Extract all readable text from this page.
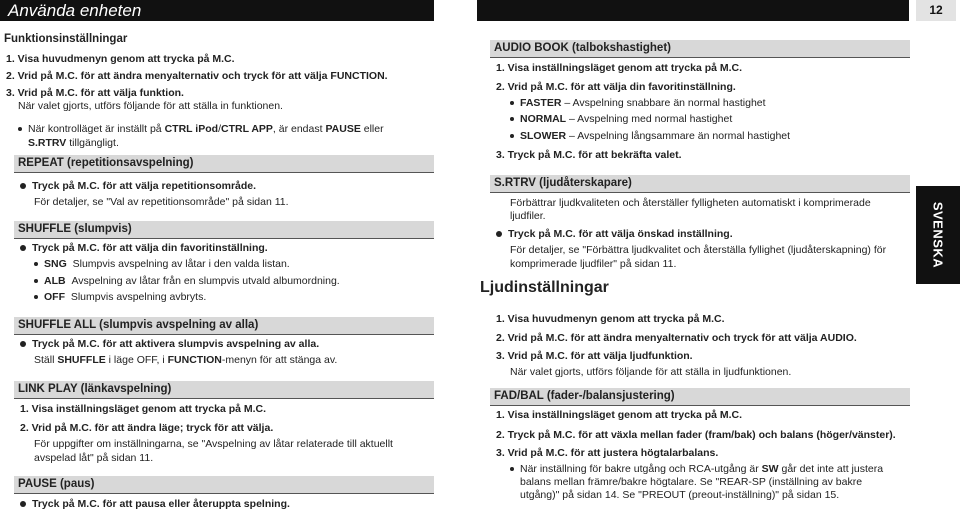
Använda enheten	12
SVENSKA
Funktionsinställningar
1. Visa huvudmenyn genom att trycka på M.C.
2. Vrid på M.C. för att ändra menyalternativ och tryck för att välja FUNCTION.
3. Vrid på M.C. för att välja funktion.
När valet gjorts, utförs följande för att ställa in funktionen.
När kontrolläget är inställt på CTRL iPod/CTRL APP, är endast PAUSE eller
S.RTRV tillgängligt.
REPEAT (repetitionsavspelning)
Tryck på M.C. för att välja repetitionsområde.
För detaljer, se "Val av repetitionsområde" på sidan 11.
SHUFFLE (slumpvis)
Tryck på M.C. för att välja din favoritinställning.
SNG Slumpvis avspelning av låtar i den valda listan.
ALB Avspelning av låtar från en slumpvis utvald albumordning.
OFF Slumpvis avspelning avbryts.
SHUFFLE ALL (slumpvis avspelning av alla)
Tryck på M.C. för att aktivera slumpvis avspelning av alla.
Ställ SHUFFLE i läge OFF, i FUNCTION-menyn för att stänga av.
LINK PLAY (länkavspelning)
1. Visa inställningsläget genom att trycka på M.C.
2. Vrid på M.C. för att ändra läge; tryck för att välja.
För uppgifter om inställningarna, se "Avspelning av låtar relaterade till aktuellt
avspelad låt" på sidan 11.
PAUSE (paus)
Tryck på M.C. för att pausa eller återuppta spelning.
AUDIO BOOK (talbokshastighet)
1. Visa inställningsläget genom att trycka på M.C.
2. Vrid på M.C. för att välja din favoritinställning.
FASTER – Avspelning snabbare än normal hastighet
NORMAL – Avspelning med normal hastighet
SLOWER – Avspelning långsammare än normal hastighet
3. Tryck på M.C. för att bekräfta valet.
S.RTRV (ljudåterskapare)
Förbättrar ljudkvaliteten och återställer fylligheten automatiskt i komprimerade
ljudfiler.
Tryck på M.C. för att välja önskad inställning.
För detaljer, se "Förbättra ljudkvalitet och återställa fyllighet (ljudåterskapning) för
komprimerade ljudfiler" på sidan 11.
Ljudinställningar
1. Visa huvudmenyn genom att trycka på M.C.
2. Vrid på M.C. för att ändra menyalternativ och tryck för att välja AUDIO.
3. Vrid på M.C. för att välja ljudfunktion.
När valet gjorts, utförs följande för att ställa in ljudfunktionen.
FAD/BAL (fader-/balansjustering)
1. Visa inställningsläget genom att trycka på M.C.
2. Tryck på M.C. för att växla mellan fader (fram/bak) och balans (höger/vänster).
3. Vrid på M.C. för att justera högtalarbalans.
När inställning för bakre utgång och RCA-utgång är SW går det inte att justera
balans mellan främre/bakre högtalare. Se "REAR-SP (inställning av bakre
utgång)" på sidan 14. Se "PREOUT (preout-inställning)" på sidan 15.
